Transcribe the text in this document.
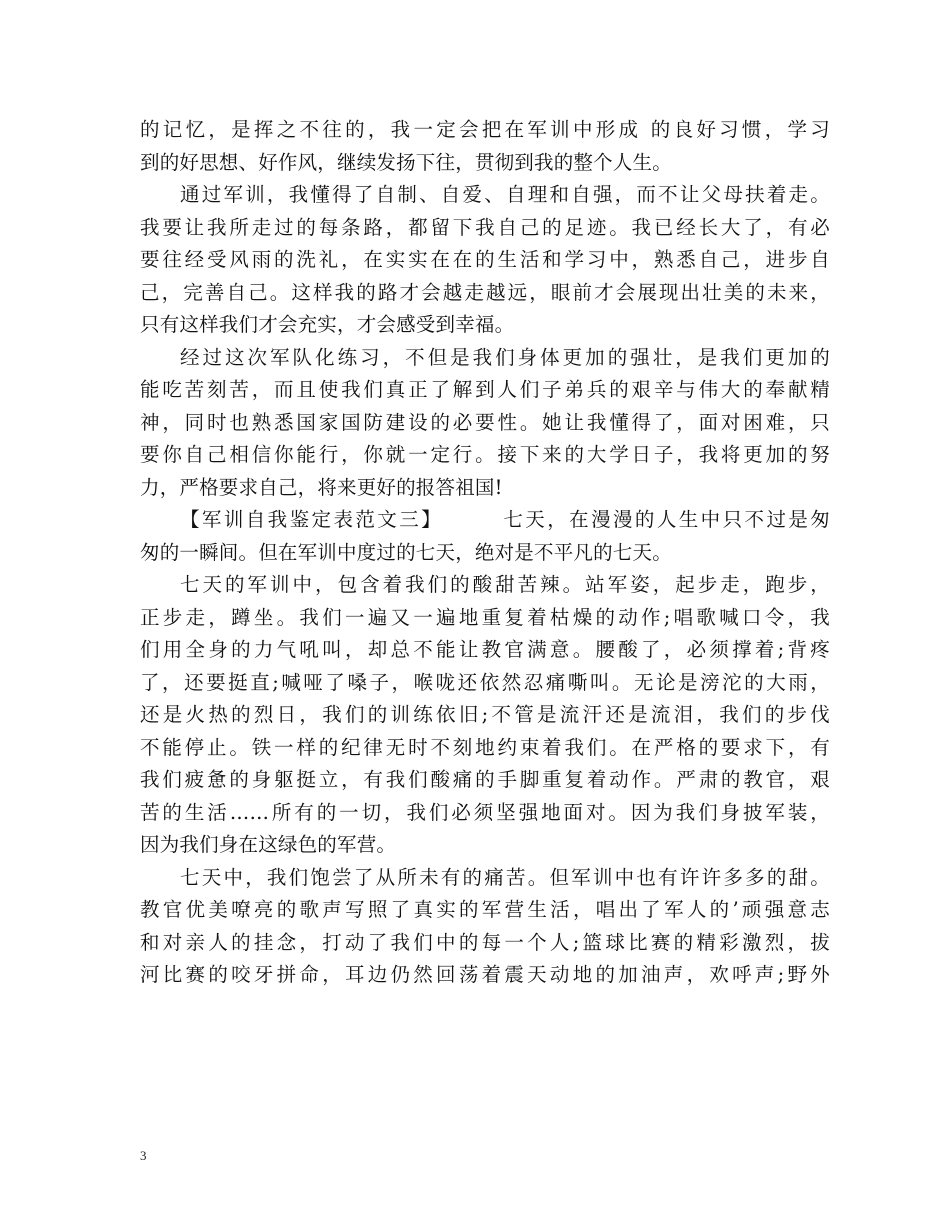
的记忆，是挥之不往的，我一定会把在军训中形成 的良好习惯，学习
到的好思想、好作风，继续发扬下往，贯彻到我的整个人生。
通过军训，我懂得了自制、自爱、自理和自强，而不让父母扶着走。
我要让我所走过的每条路，都留下我自己的足迹。我已经长大了，有必
要往经受风雨的洗礼，在实实在在的生活和学习中，熟悉自己，进步自
己，完善自己。这样我的路才会越走越远，眼前才会展现出壮美的未来，
只有这样我们才会充实，才会感受到幸福。
经过这次军队化练习，不但是我们身体更加的强壮，是我们更加的
能吃苦刻苦，而且使我们真正了解到人们子弟兵的艰辛与伟大的奉献精
神，同时也熟悉国家国防建设的必要性。她让我懂得了，面对困难，只
要你自己相信你能行，你就一定行。接下来的大学日子，我将更加的努
力，严格要求自己，将来更好的报答祖国!
【军训自我鉴定表范文三】       七天，在漫漫的人生中只不过是匆
匆的一瞬间。但在军训中度过的七天，绝对是不平凡的七天。
七天的军训中，包含着我们的酸甜苦辣。站军姿，起步走，跑步，
正步走，蹲坐。我们一遍又一遍地重复着枯燥的动作;唱歌喊口令，我
们用全身的力气吼叫，却总不能让教官满意。腰酸了，必须撑着;背疼
了，还要挺直;喊哑了嗓子，喉咙还依然忍痛嘶叫。无论是滂沱的大雨，
还是火热的烈日，我们的训练依旧;不管是流汗还是流泪，我们的步伐
不能停止。铁一样的纪律无时不刻地约束着我们。在严格的要求下，有
我们疲惫的身躯挺立，有我们酸痛的手脚重复着动作。严肃的教官，艰
苦的生活……所有的一切，我们必须坚强地面对。因为我们身披军装，
因为我们身在这绿色的军营。
七天中，我们饱尝了从所未有的痛苦。但军训中也有许许多多的甜。
教官优美嘹亮的歌声写照了真实的军营生活，唱出了军人的’顽强意志
和对亲人的挂念，打动了我们中的每一个人;篮球比赛的精彩激烈，拔
河比赛的咬牙拼命，耳边仍然回荡着震天动地的加油声，欢呼声;野外
3
